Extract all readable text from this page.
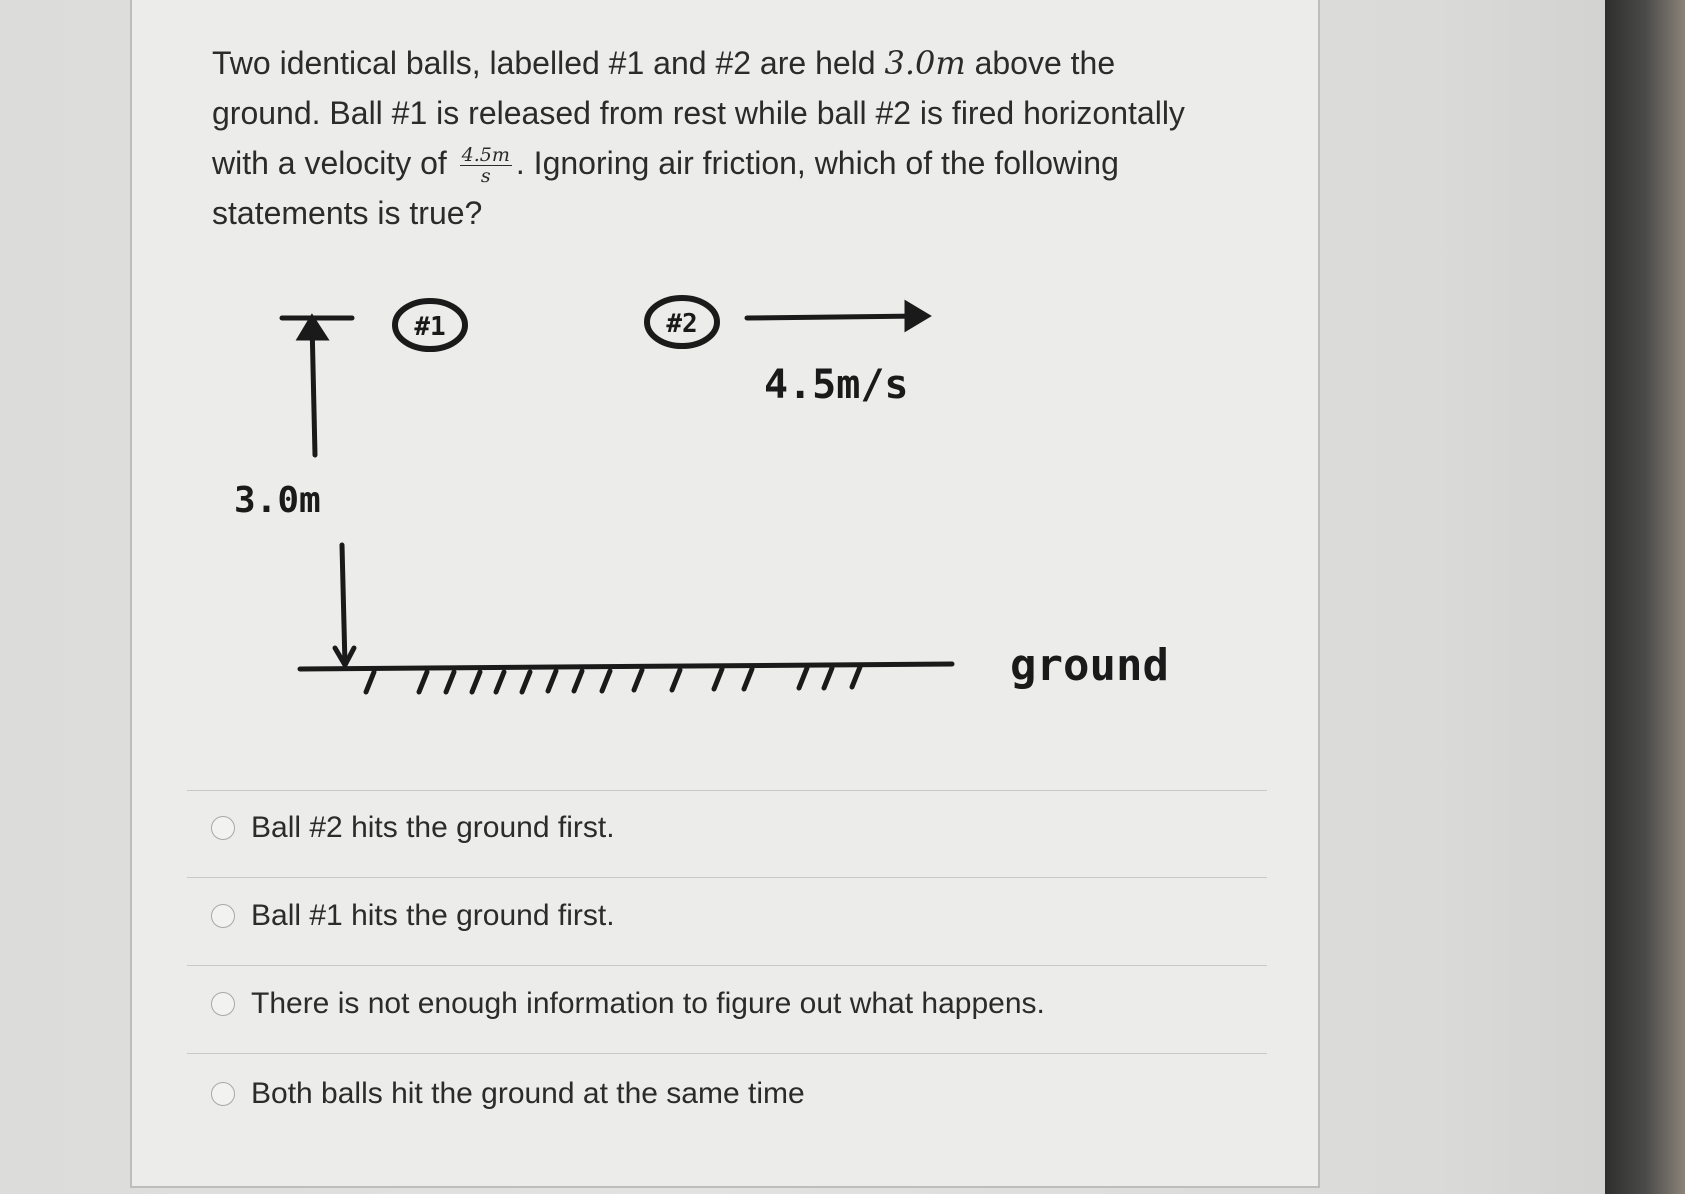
Two identical balls, labelled #1 and #2 are held 3.0m above the ground. Ball #1 is released from rest while ball #2 is fired horizontally with a velocity of $\frac{4.5m}{s}$ . Ignoring air friction, which of the following statements is true?
3.0m
#1	#2
4.5m/s
ground
Ball #2 hits the ground first.
Ball #1 hits the ground first.
There is not enough information to figure out what happens.
Both balls hit the ground at the same time
